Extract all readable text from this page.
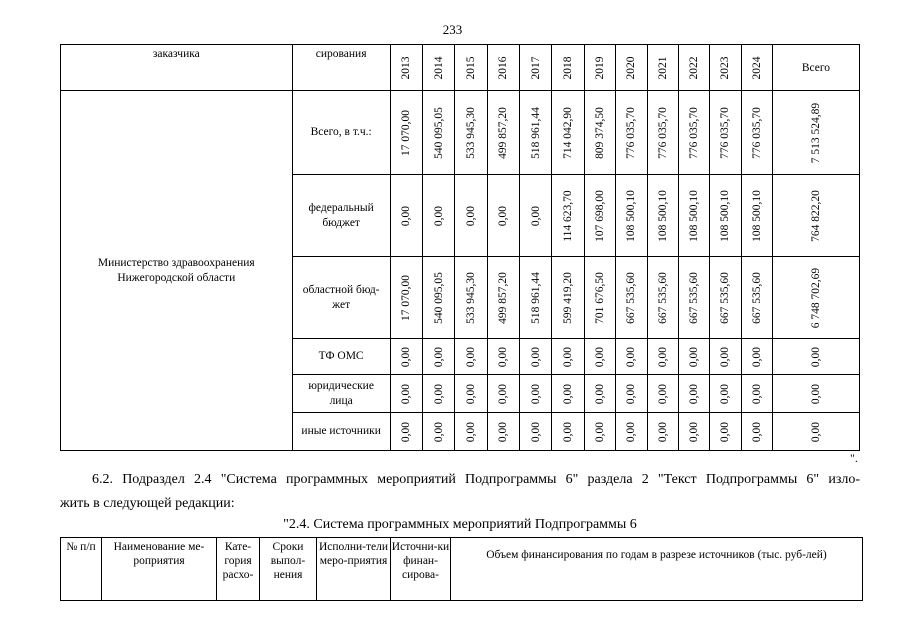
233
заказчика	сирования	2013	2014	2015	2016	2017	2018	2019	2020	2021	2022	2023	2024	Всего
Министерство здравоохранения Нижегородской области	Всего, в т.ч.:	17 070,00	540 095,05	533 945,30	499 857,20	518 961,44	714 042,90	809 374,50	776 035,70	776 035,70	776 035,70	776 035,70	776 035,70	7 513 524,89

	федеральный бюджет	0,00	0,00	0,00	0,00	0,00	114 623,70	107 698,00	108 500,10	108 500,10	108 500,10	108 500,10	108 500,10	764 822,20

	областной бюд-жет	17 070,00	540 095,05	533 945,30	499 857,20	518 961,44	599 419,20	701 676,50	667 535,60	667 535,60	667 535,60	667 535,60	667 535,60	6 748 702,69

	ТФ ОМС	0,00	0,00	0,00	0,00	0,00	0,00	0,00	0,00	0,00	0,00	0,00	0,00	0,00

	юридические лица	0,00	0,00	0,00	0,00	0,00	0,00	0,00	0,00	0,00	0,00	0,00	0,00	0,00

	иные источники	0,00	0,00	0,00	0,00	0,00	0,00	0,00	0,00	0,00	0,00	0,00	0,00	0,00
".
6.2. Подраздел 2.4 "Система программных мероприятий Подпрограммы 6" раздела 2 "Текст Подпрограммы 6" изло-
жить в следующей редакции:
"2.4. Система программных мероприятий Подпрограммы 6
№ п/п	Наименование ме-роприятия	Кате-гория расхо-	Сроки выпол-нения	Исполни-тели меро-приятия	Источни-ки финан-сирова-	Объем финансирования по годам в разрезе источников (тыс. руб-лей)
